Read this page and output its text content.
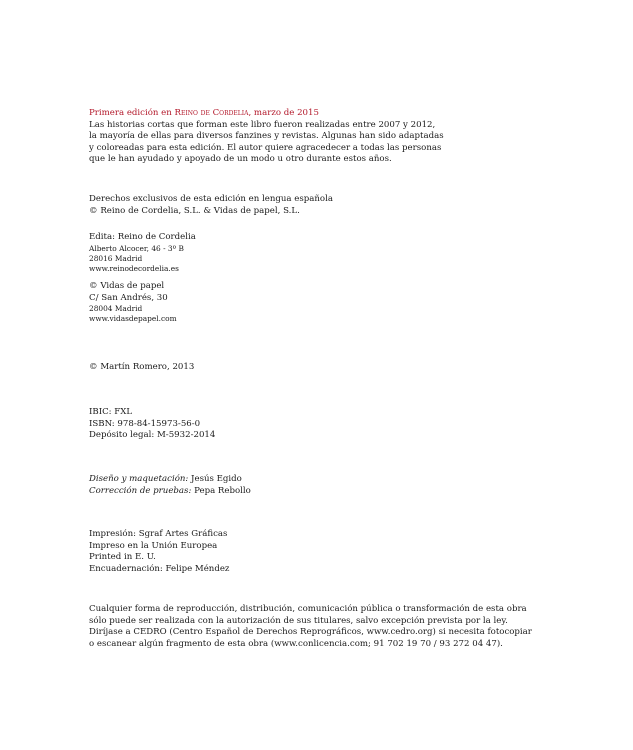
Primera edición en Reino de Cordelia, marzo de 2015
Las historias cortas que forman este libro fueron realizadas entre 2007 y 2012,
la mayoría de ellas para diversos fanzines y revistas. Algunas han sido adaptadas
y coloreadas para esta edición. El autor quiere agracedecer a todas las personas
que le han ayudado y apoyado de un modo u otro durante estos años.
Derechos exclusivos de esta edición en lengua española
© Reino de Cordelia, S.L. & Vidas de papel, S.L.
Edita: Reino de Cordelia
Alberto Alcocer, 46 - 3º B
28016 Madrid
www.reinodecordelia.es
© Vidas de papel
C/ San Andrés, 30
28004 Madrid
www.vidasdepapel.com
© Martín Romero, 2013
IBIC: FXL
ISBN: 978-84-15973-56-0
Depósito legal: M-5932-2014
Diseño y maquetación: Jesús Egido
Corrección de pruebas: Pepa Rebollo
Impresión: Sgraf Artes Gráficas
Impreso en la Unión Europea
Printed in E. U.
Encuadernación: Felipe Méndez
Cualquier forma de reproducción, distribución, comunicación pública o transformación de esta obra
sólo puede ser realizada con la autorización de sus titulares, salvo excepción prevista por la ley.
Diríjase a CEDRO (Centro Español de Derechos Reprográficos, www.cedro.org) si necesita fotocopiar
o escanear algún fragmento de esta obra (www.conlicencia.com; 91 702 19 70 / 93 272 04 47).
